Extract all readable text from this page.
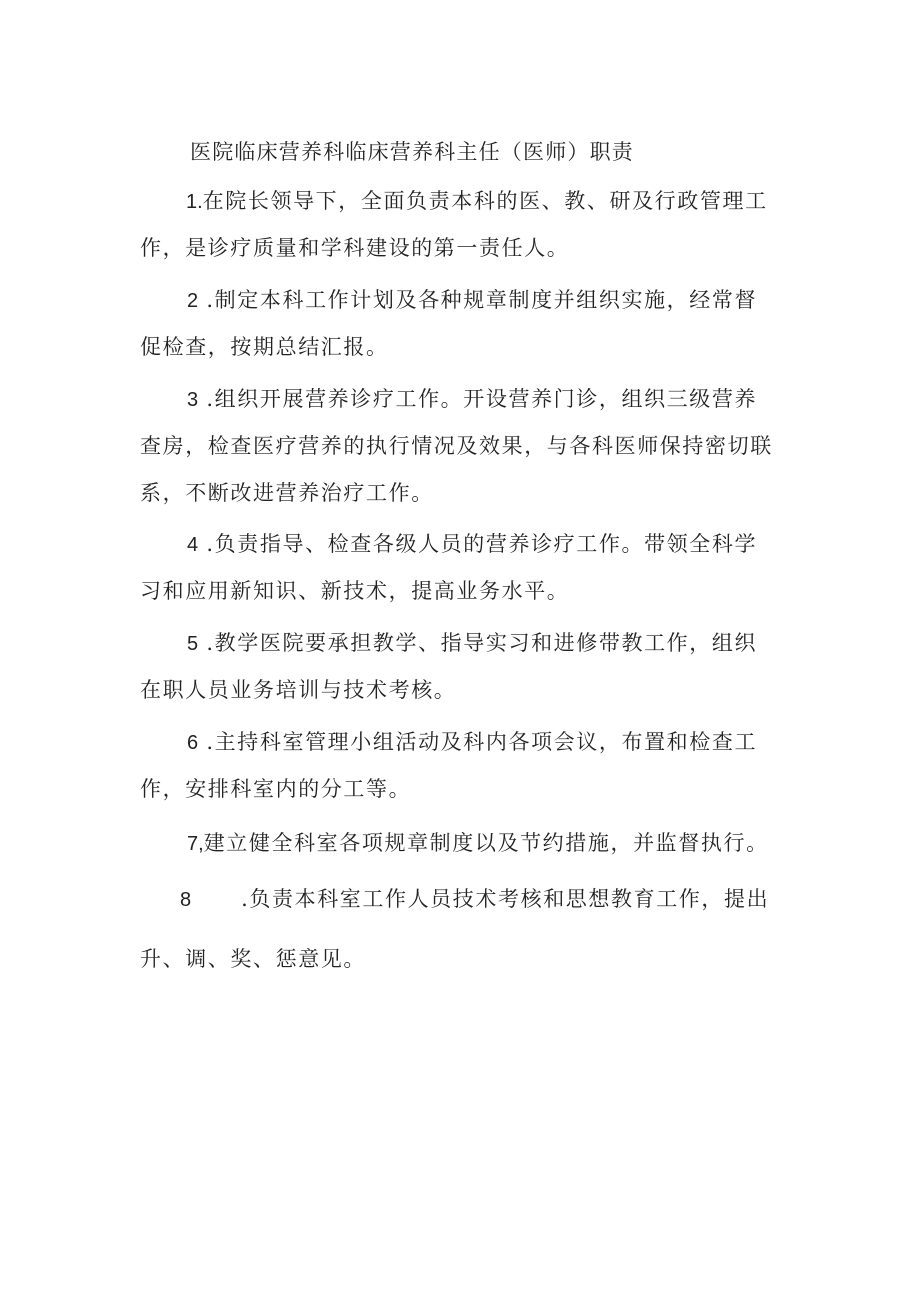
医院临床营养科临床营养科主任（医师）职责
1.在院长领导下，全面负责本科的医、教、研及行政管理工
作，是诊疗质量和学科建设的第一责任人。
2 .制定本科工作计划及各种规章制度并组织实施，经常督
促检查，按期总结汇报。
3 .组织开展营养诊疗工作。开设营养门诊，组织三级营养
查房，检查医疗营养的执行情况及效果，与各科医师保持密切联
系，不断改进营养治疗工作。
4 .负责指导、检查各级人员的营养诊疗工作。带领全科学
习和应用新知识、新技术，提高业务水平。
5 .教学医院要承担教学、指导实习和进修带教工作，组织
在职人员业务培训与技术考核。
6 .主持科室管理小组活动及科内各项会议，布置和检查工
作，安排科室内的分工等。
7,建立健全科室各项规章制度以及节约措施，并监督执行。
8 .负责本科室工作人员技术考核和思想教育工作，提出
升、调、奖、惩意见。
